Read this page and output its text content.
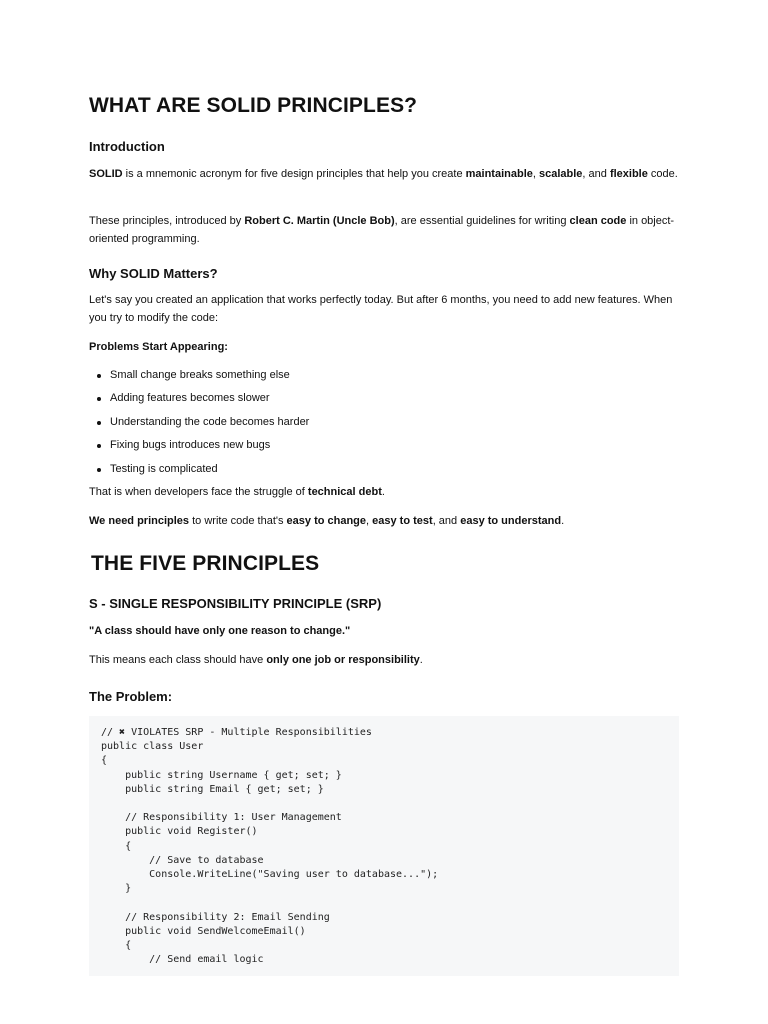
WHAT ARE SOLID PRINCIPLES?
Introduction

SOLID is a mnemonic acronym for five design principles that help you create maintainable, scalable, and flexible code.

These principles, introduced by Robert C. Martin (Uncle Bob), are essential guidelines for writing clean code in object-oriented programming.

Why SOLID Matters?

Let's say you created an application that works perfectly today. But after 6 months, you need to add new features. When you try to modify the code:

Problems Start Appearing:

Small change breaks something else
Adding features becomes slower
Understanding the code becomes harder
Fixing bugs introduces new bugs
Testing is complicated

That is when developers face the struggle of technical debt.

We need principles to write code that's easy to change, easy to test, and easy to understand.

THE FIVE PRINCIPLES
S - SINGLE RESPONSIBILITY PRINCIPLE (SRP)

"A class should have only one reason to change."

This means each class should have only one job or responsibility.

The Problem:
// ✖ VIOLATES SRP - Multiple Responsibilities
public class User
{
public string Username { get; set; }
public string Email { get; set; }

// Responsibility 1: User Management
public void Register()
{
// Save to database
Console.WriteLine("Saving user to database...");
}

// Responsibility 2: Email Sending
public void SendWelcomeEmail()
{
// Send email logic
